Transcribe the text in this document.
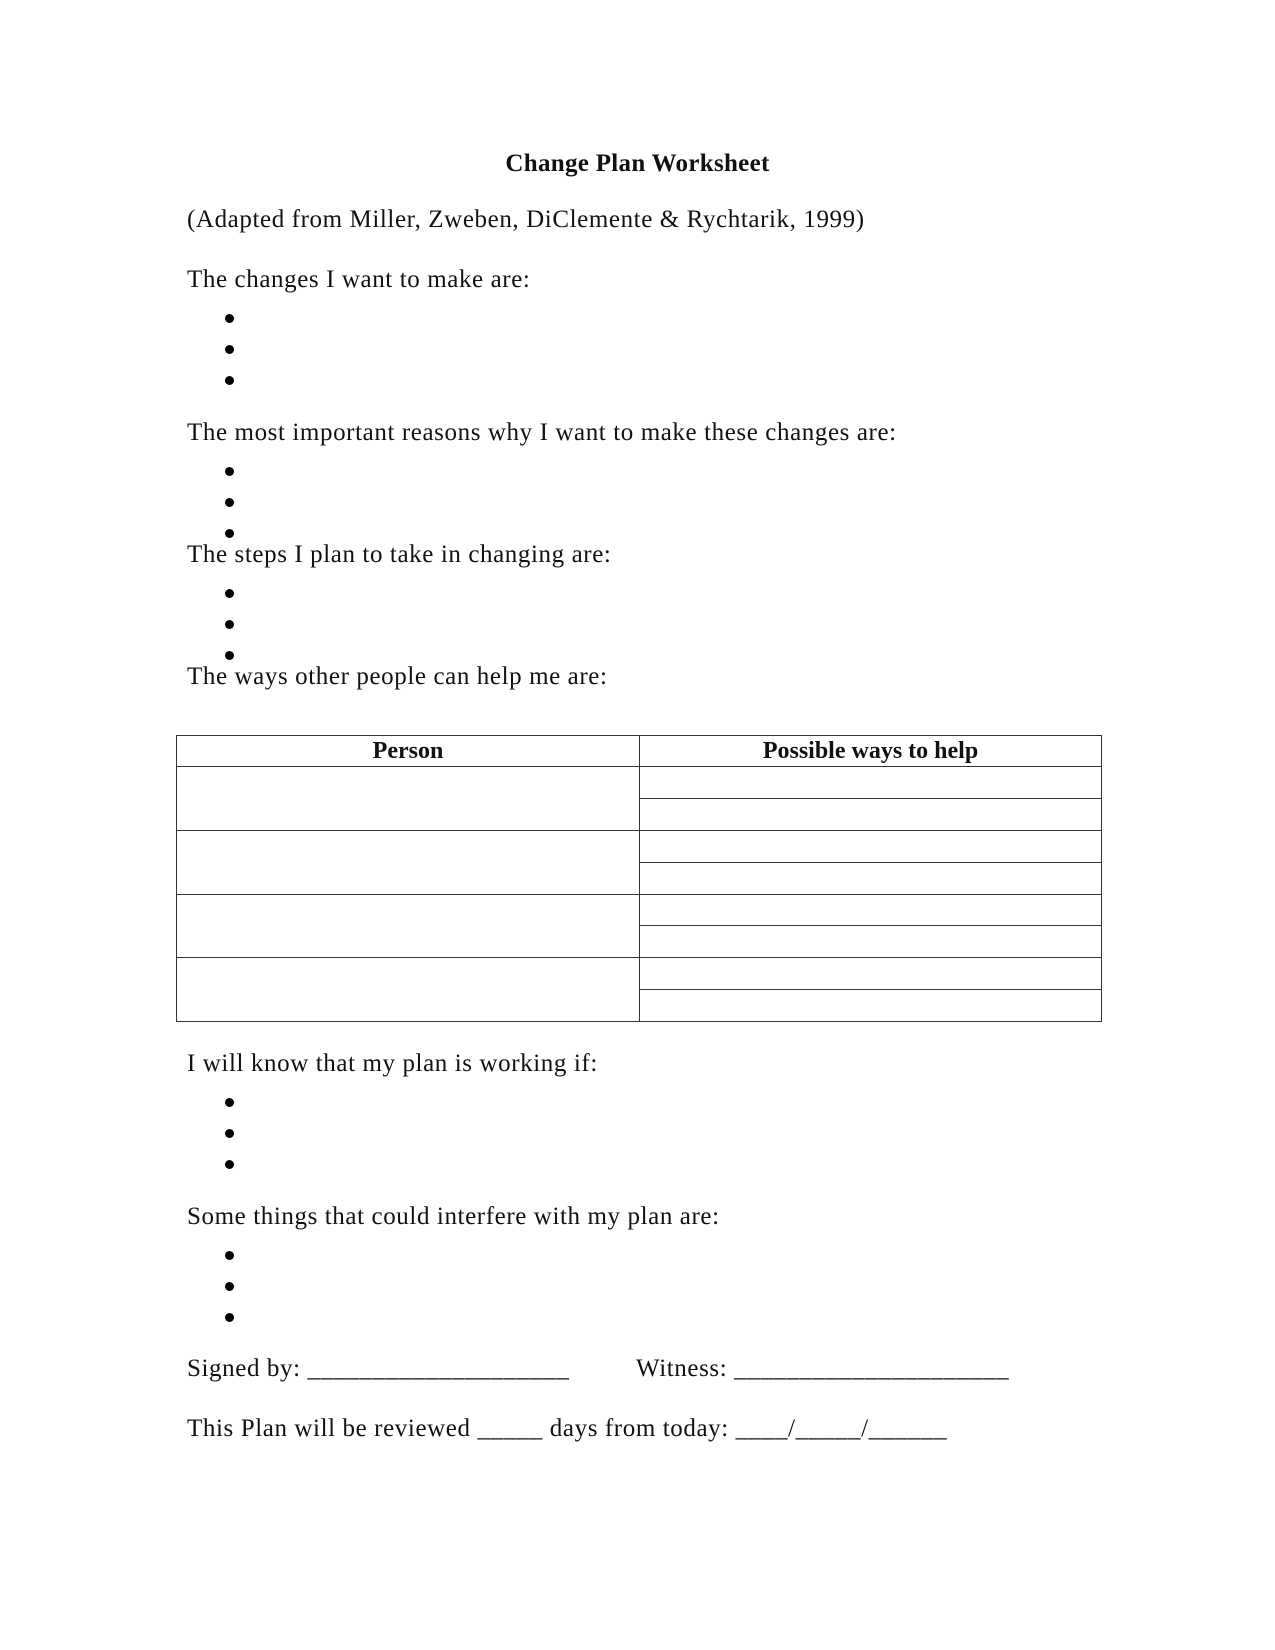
Change Plan Worksheet
(Adapted from Miller, Zweben, DiClemente & Rychtarik, 1999)
The changes I want to make are:
The most important reasons why I want to make these changes are:
The steps I plan to take in changing are:
The ways other people can help me are:
Person	Possible ways to help

I will know that my plan is working if:
Some things that could interfere with my plan are:
Signed by: ____________________	Witness: _____________________
This Plan will be reviewed _____ days from today: ____/_____/______
